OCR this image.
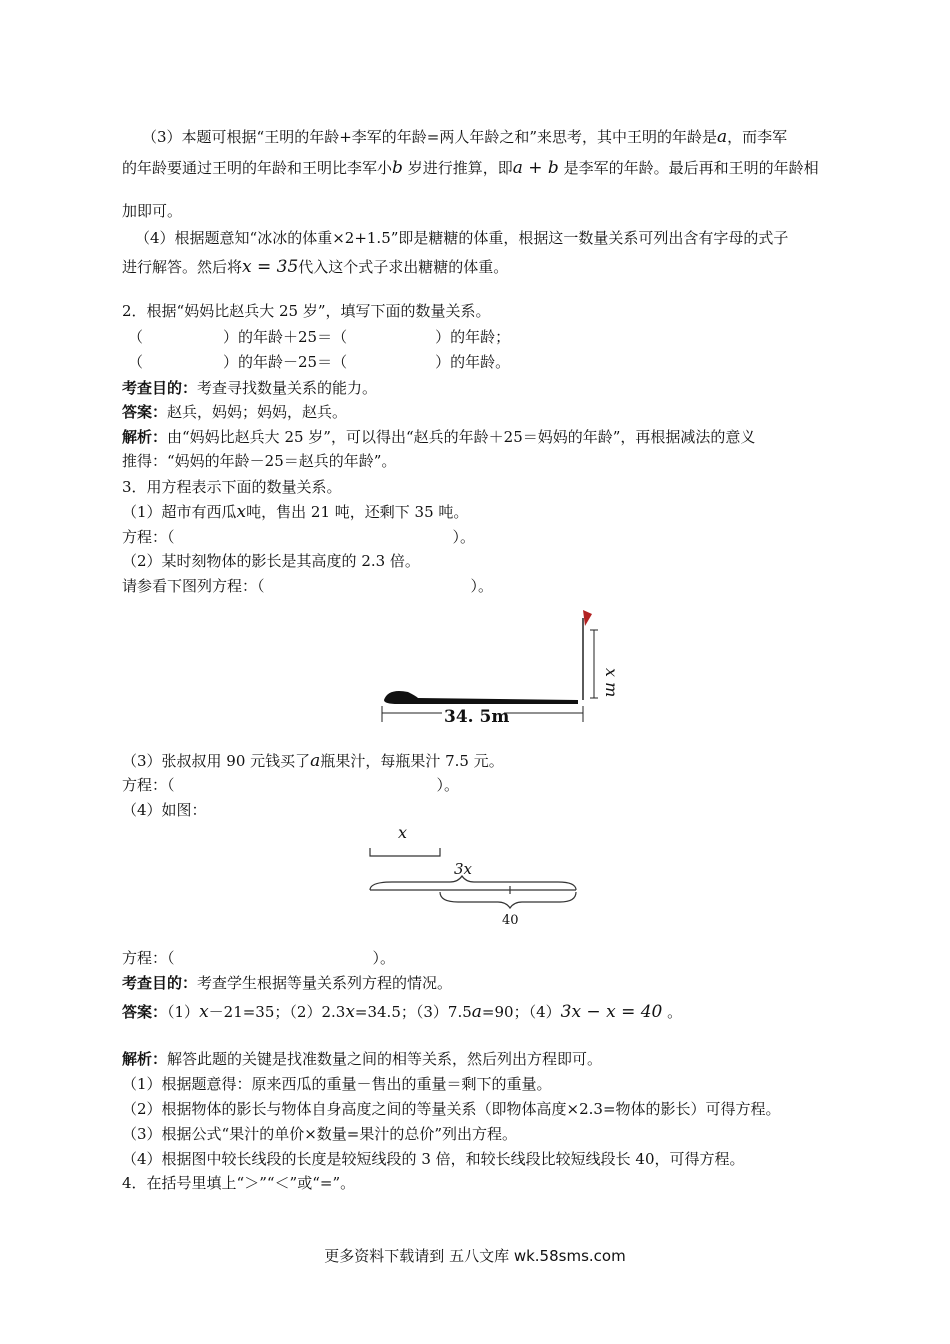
（3）本题可根据“王明的年龄+李军的年龄=两人年龄之和”来思考，其中王明的年龄是a，而李军
的年龄要通过王明的年龄和王明比李军小b 岁进行推算，即a + b 是李军的年龄。最后再和王明的年龄相
加即可。
（4）根据题意知“冰冰的体重×2+1.5”即是糖糖的体重，根据这一数量关系可列出含有字母的式子
进行解答。然后将x = 35代入这个式子求出糖糖的体重。
2．根据“妈妈比赵兵大 25 岁”，填写下面的数量关系。
（	）的年龄＋25＝（	）的年龄；
（	）的年龄－25＝（	）的年龄。
考查目的：考查寻找数量关系的能力。
答案：赵兵，妈妈；妈妈，赵兵。
解析：由“妈妈比赵兵大 25 岁”，可以得出“赵兵的年龄＋25＝妈妈的年龄”，再根据减法的意义
推得：“妈妈的年龄－25＝赵兵的年龄”。
3．用方程表示下面的数量关系。
（1）超市有西瓜x吨，售出 21 吨，还剩下 35 吨。
方程：（	）。
（2）某时刻物体的影长是其高度的 2.3 倍。
请参看下图列方程：（	）。
x m
34. 5m
（3）张叔叔用 90 元钱买了a瓶果汁，每瓶果汁 7.5 元。
方程：（	）。
（4）如图：
x
3x
40
方程：（	）。
考查目的：考查学生根据等量关系列方程的情况。
答案：（1）x－21=35；（2）2.3x=34.5；（3）7.5a=90；（4）3x − x = 40 。
解析：解答此题的关键是找准数量之间的相等关系，然后列出方程即可。
（1）根据题意得：原来西瓜的重量－售出的重量＝剩下的重量。
（2）根据物体的影长与物体自身高度之间的等量关系（即物体高度×2.3=物体的影长）可得方程。
（3）根据公式“果汁的单价×数量=果汁的总价”列出方程。
（4）根据图中较长线段的长度是较短线段的 3 倍，和较长线段比较短线段长 40，可得方程。
4．在括号里填上“＞”“＜”或“=”。
更多资料下载请到 五八文库 wk.58sms.com
